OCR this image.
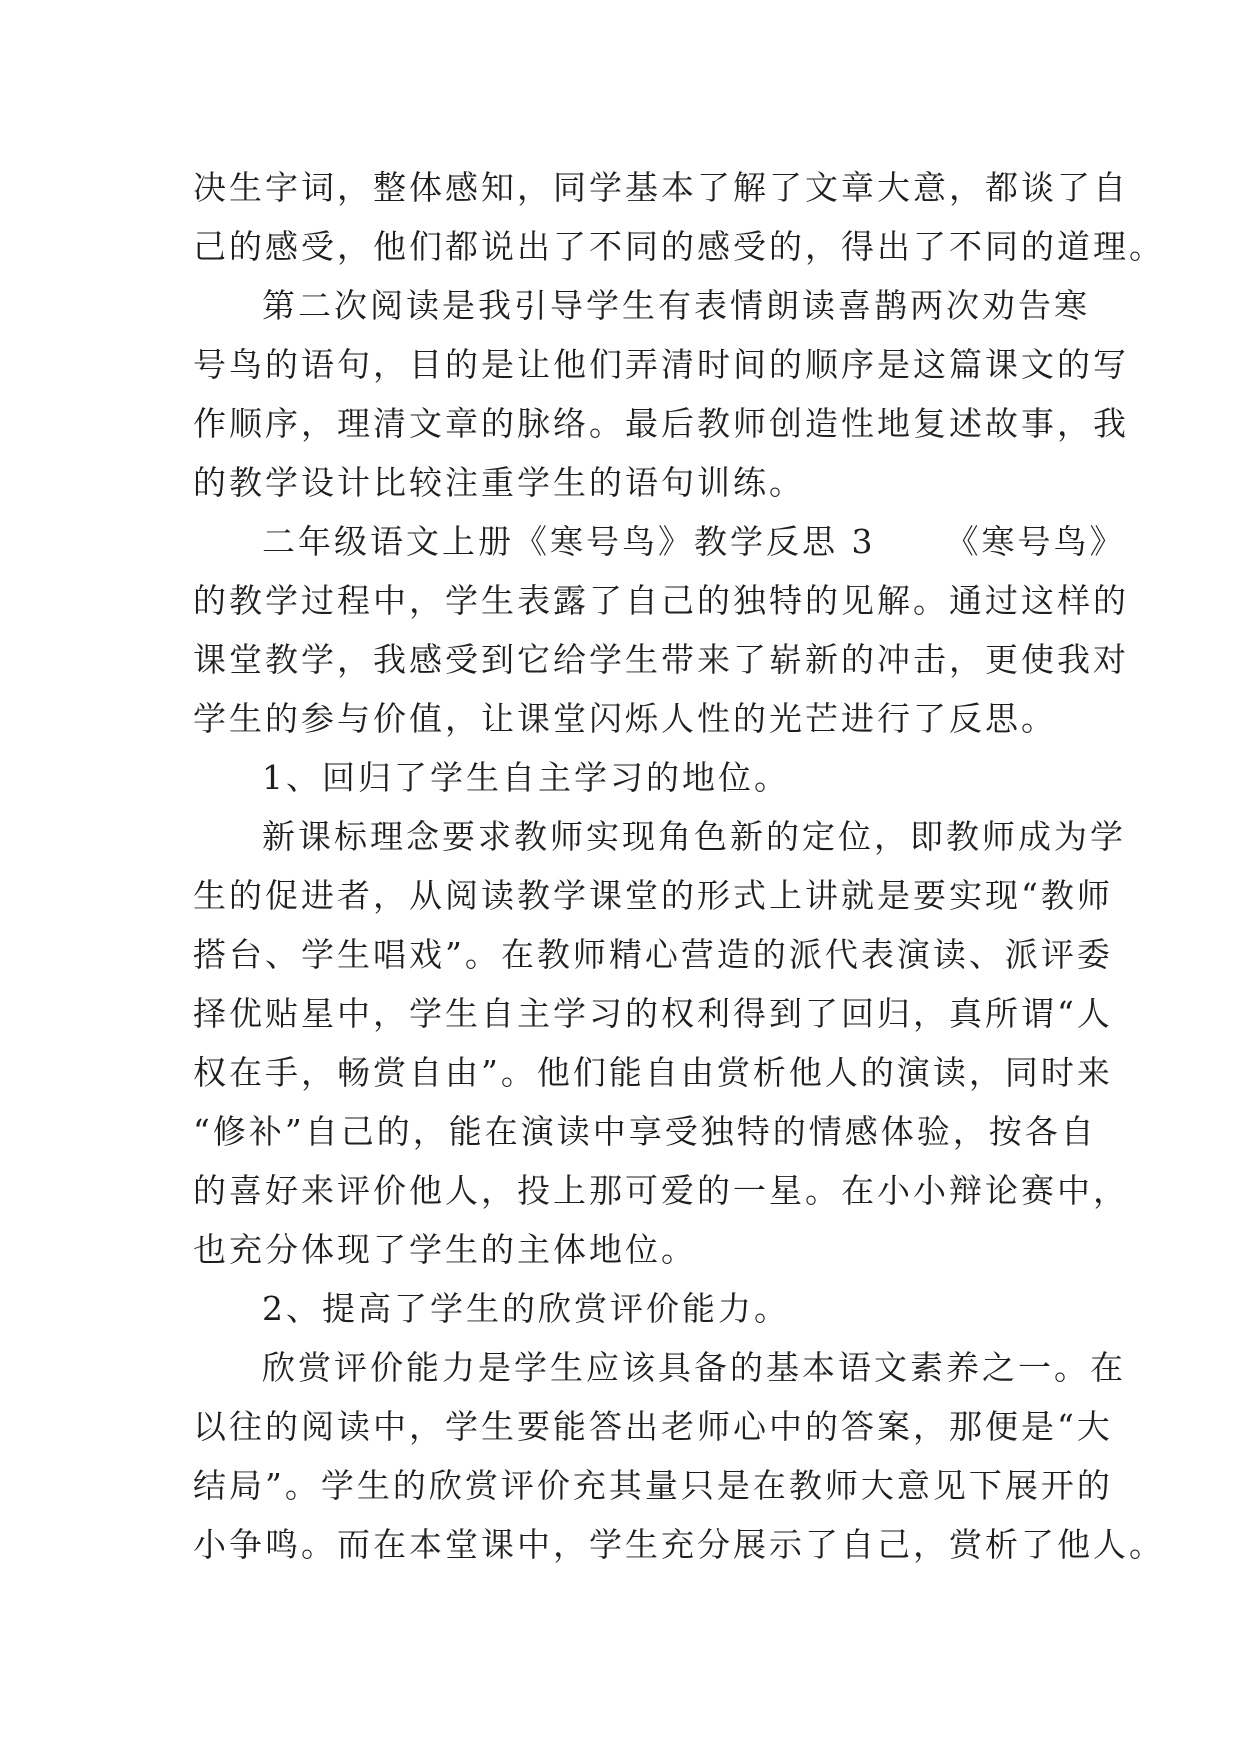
决生字词，整体感知，同学基本了解了文章大意，都谈了自
己的感受，他们都说出了不同的感受的，得出了不同的道理。
第二次阅读是我引导学生有表情朗读喜鹊两次劝告寒
号鸟的语句，目的是让他们弄清时间的顺序是这篇课文的写
作顺序，理清文章的脉络。最后教师创造性地复述故事，我
的教学设计比较注重学生的语句训练。
二年级语文上册《寒号鸟》教学反思 3 《寒号鸟》
的教学过程中，学生表露了自己的独特的见解。通过这样的
课堂教学，我感受到它给学生带来了崭新的冲击，更使我对
学生的参与价值，让课堂闪烁人性的光芒进行了反思。
1、回归了学生自主学习的地位。
新课标理念要求教师实现角色新的定位，即教师成为学
生的促进者，从阅读教学课堂的形式上讲就是要实现“教师
搭台、学生唱戏”。在教师精心营造的派代表演读、派评委
择优贴星中，学生自主学习的权利得到了回归，真所谓“人
权在手，畅赏自由”。他们能自由赏析他人的演读，同时来
“修补”自己的，能在演读中享受独特的情感体验，按各自
的喜好来评价他人，投上那可爱的一星。在小小辩论赛中，
也充分体现了学生的主体地位。
2、提高了学生的欣赏评价能力。
欣赏评价能力是学生应该具备的基本语文素养之一。在
以往的阅读中，学生要能答出老师心中的答案，那便是“大
结局”。学生的欣赏评价充其量只是在教师大意见下展开的
小争鸣。而在本堂课中，学生充分展示了自己，赏析了他人。
